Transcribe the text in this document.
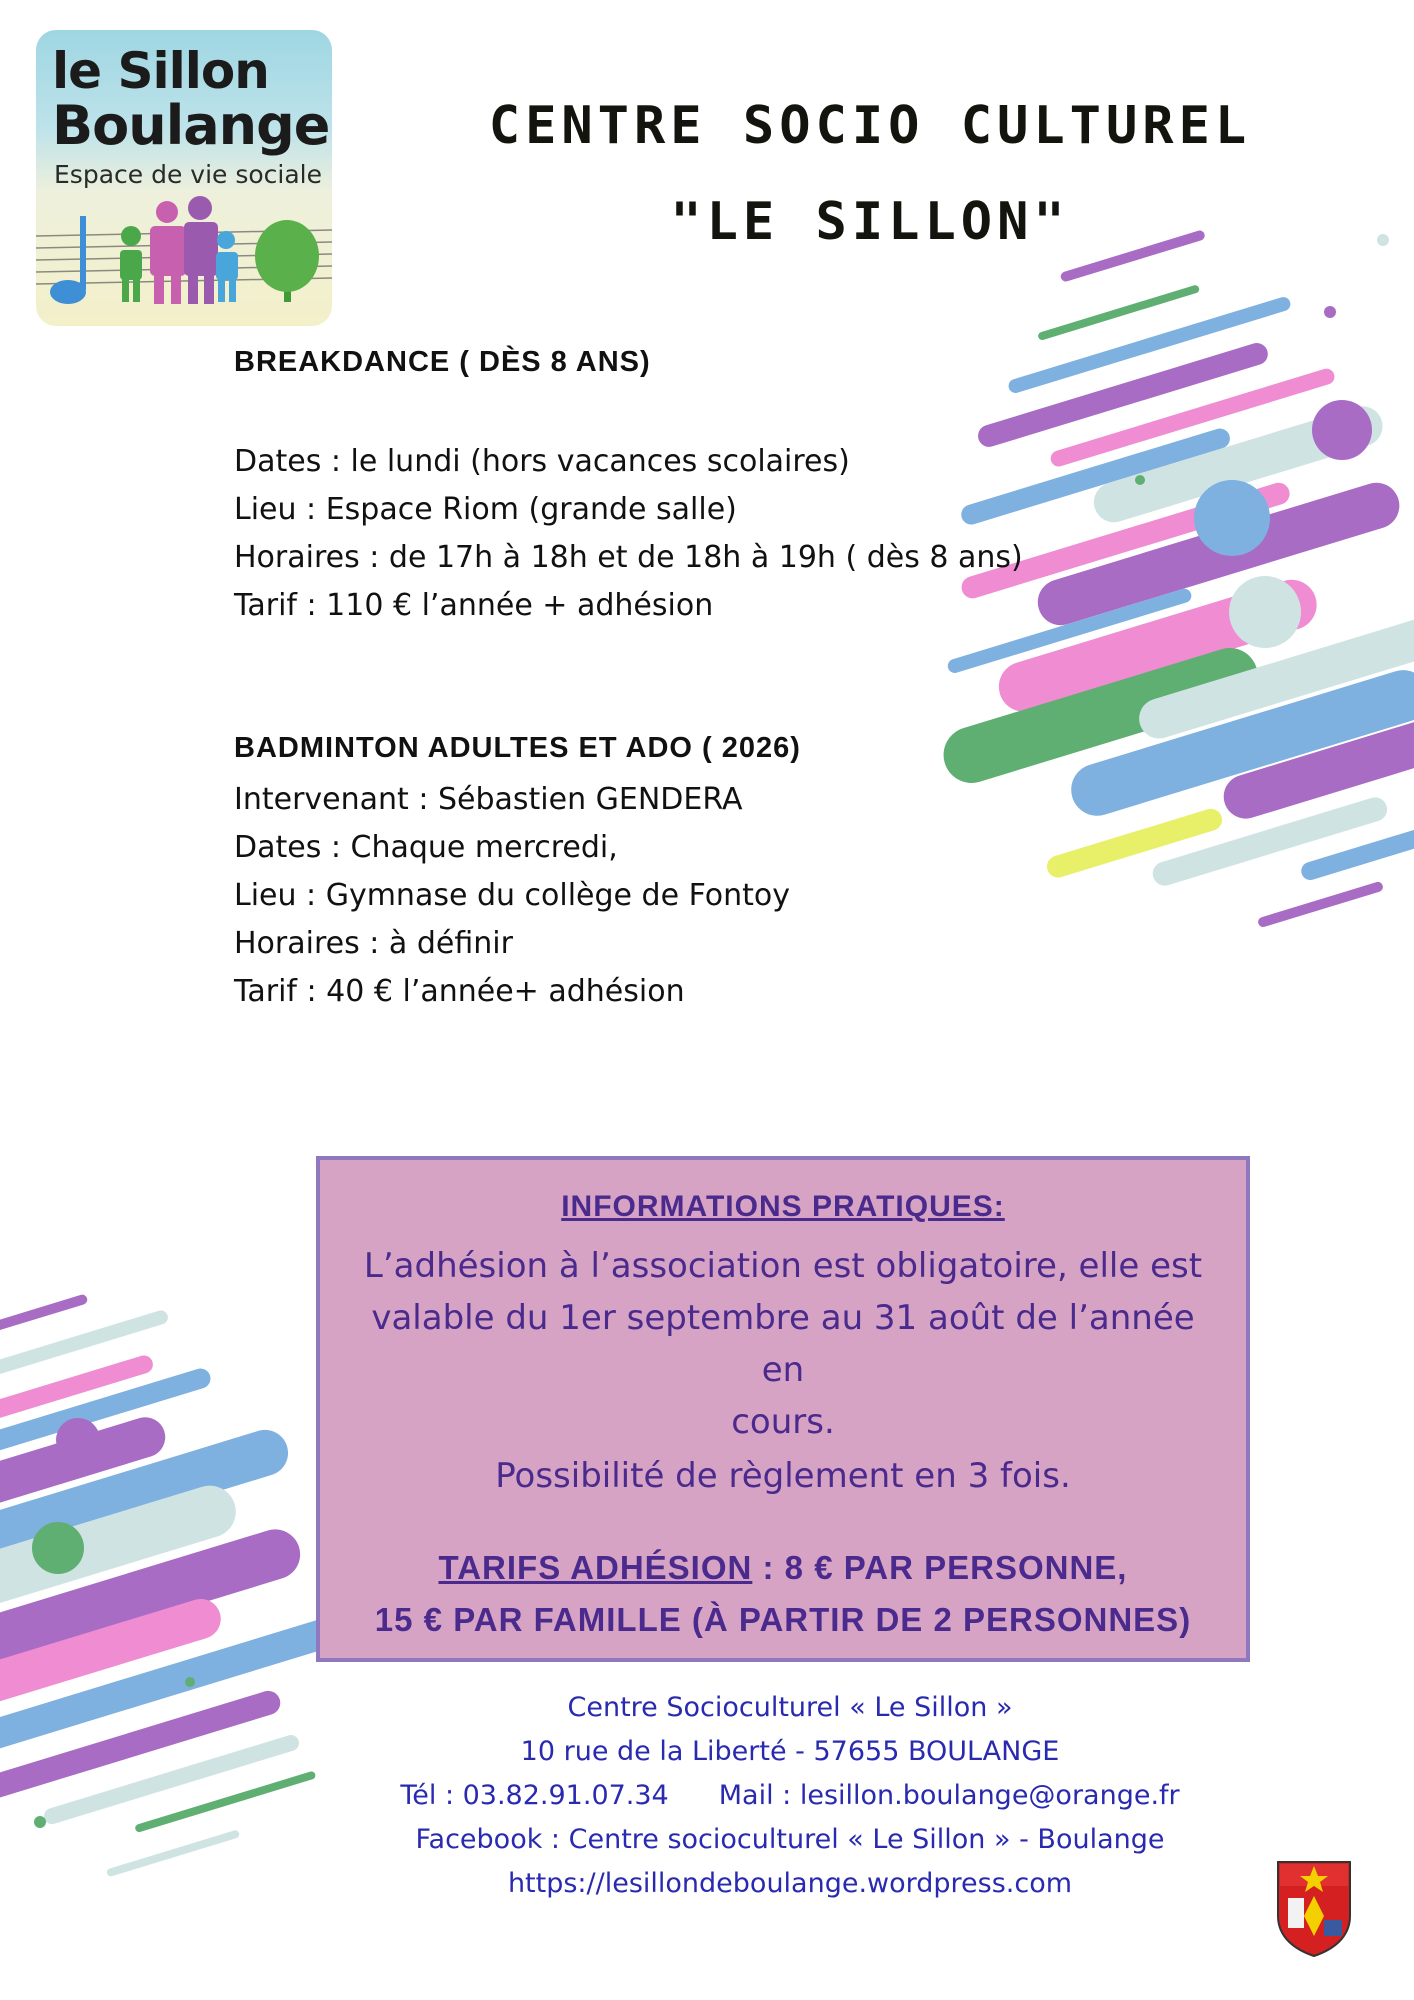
le Sillon
Boulange
Espace de vie sociale
CENTRE SOCIO CULTUREL
"LE SILLON"
BREAKDANCE ( DÈS 8 ANS)
Dates : le lundi (hors vacances scolaires)
Lieu : Espace Riom (grande salle)
Horaires : de 17h à 18h et de 18h à 19h ( dès 8 ans)
Tarif : 110 € l’année + adhésion
BADMINTON ADULTES ET ADO ( 2026)
Intervenant : Sébastien GENDERA
Dates : Chaque mercredi,
Lieu : Gymnase du collège de Fontoy
Horaires : à définir
Tarif : 40 € l’année+ adhésion
INFORMATIONS PRATIQUES:
L’adhésion à l’association est obligatoire, elle est
valable du 1er septembre au 31 août de l’année en
cours.
Possibilité de règlement en 3 fois.
TARIFS ADHÉSION : 8 € PAR PERSONNE,
15 € PAR FAMILLE (À PARTIR DE 2 PERSONNES)
Centre Socioculturel « Le Sillon »
10 rue de la Liberté - 57655 BOULANGE
Tél : 03.82.91.07.34 Mail : lesillon.boulange@orange.fr
Facebook : Centre socioculturel « Le Sillon » - Boulange
https://lesillondeboulange.wordpress.com
